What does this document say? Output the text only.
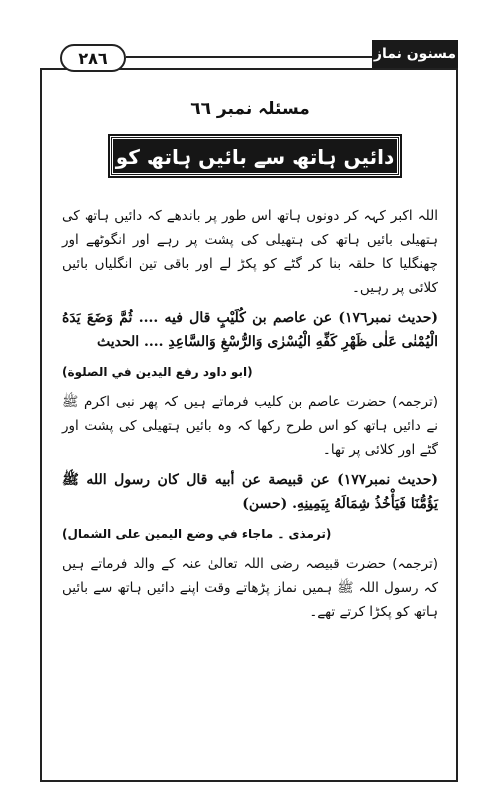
٢٨٦	مسنون نماز حنفی
مسئلہ نمبر ٦٦
دائیں ہاتھ سے بائیں ہاتھ کو پکڑنا

اللہ اکبر کہہ کر دونوں ہاتھ اس طور پر باندھے کہ دائیں ہاتھ کی ہتھیلی بائیں ہاتھ کی ہتھیلی کی پشت پر رہے اور انگوٹھے اور چھنگلیا کا حلقہ بنا کر گٹے کو پکڑ لے اور باقی تین انگلیاں بائیں کلائی پر رہیں۔

(حدیث نمبر١٧٦) عن عاصم بن كُلَيْبٍ قال فيه .... ثُمَّ وَضَعَ يَدَهُ الْيُمْنٰى عَلٰى ظَهْرِ كَفِّهِ الْيُسْرٰى وَالرُّسْغِ وَالسَّاعِدِ .... الحديث

(ابو داود رفع اليدين في الصلوة)

(ترجمہ) حضرت عاصم بن کلیب فرماتے ہیں کہ پھر نبی اکرم ﷺ نے دائیں ہاتھ کو اس طرح رکھا کہ وہ بائیں ہتھیلی کی پشت اور گٹے اور کلائی پر تھا۔

(حدیث نمبر١٧٧) عن قبيصة عن أبيه قال كان رسول الله ﷺ يَؤُمُّنَا فَيَأْخُذُ شِمَالَهُ بِيَمِينِهِ. (حسن)

(ترمذی ۔ ماجاء في وضع اليمين على الشمال)

(ترجمہ) حضرت قبیصہ رضی اللہ تعالیٰ عنہ کے والد فرماتے ہیں کہ رسول اللہ ﷺ ہمیں نماز پڑھاتے وقت اپنے دائیں ہاتھ سے بائیں ہاتھ کو پکڑا کرتے تھے۔
